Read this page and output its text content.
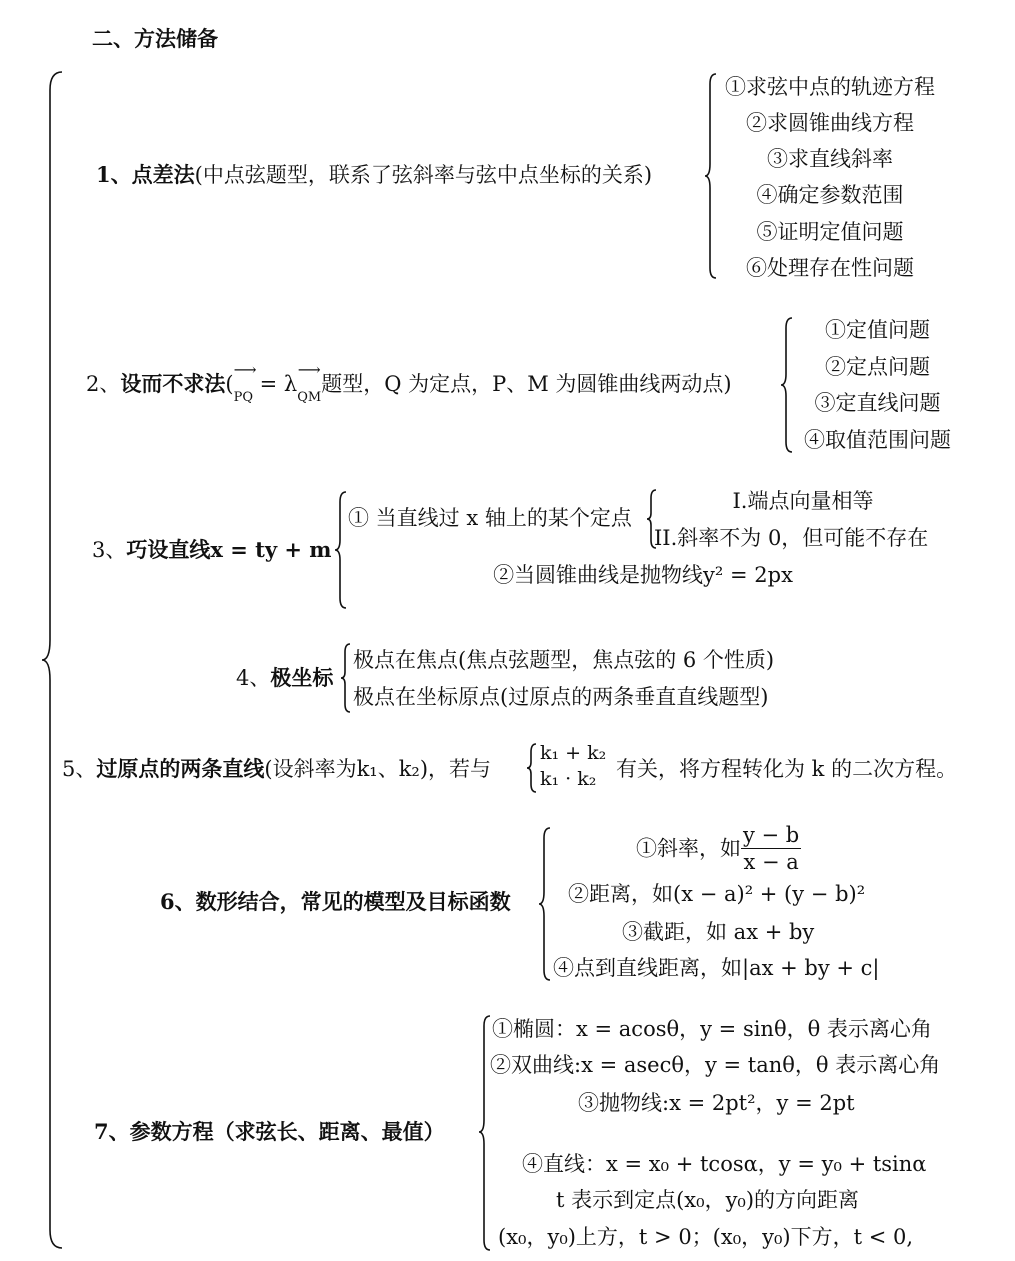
二、方法储备
1、点差法(中点弦题型，联系了弦斜率与弦中点坐标的关系)
①求弦中点的轨迹方程
②求圆锥曲线方程
③求直线斜率
④确定参数范围
⑤证明定值问题
⑥处理存在性问题
2、设而不求法(
⟶
$_{PQ}$ = λ
⟶
$_{QM}$题型，Q 为定点，P、M 为圆锥曲线两动点)
①定值问题
②定点问题
③定直线问题
④取值范围问题
3、巧设直线x = ty + m
① 当直线过 x 轴上的某个定点
I.端点向量相等
II.斜率不为 0，但可能不存在
②当圆锥曲线是抛物线y² = 2px
4、极坐标
极点在焦点(焦点弦题型，焦点弦的 6 个性质)
极点在坐标原点(过原点的两条垂直直线题型)
5、过原点的两条直线(设斜率为k₁、k₂)，若与
k₁ + k₂
k₁ · k₂ 有关，将方程转化为 k 的二次方程。
6、数形结合，常见的模型及目标函数
①斜率，如 $\frac{y - b}{x - a}$
②距离，如(x − a)² + (y − b)²
③截距，如 ax + by
④点到直线距离，如|ax + by + c|
7、参数方程（求弦长、距离、最值）
①椭圆：x = acosθ，y = sinθ，θ 表示离心角
②双曲线:x = asecθ，y = tanθ，θ 表示离心角
③抛物线:x = 2pt²，y = 2pt
④直线：x = x₀ + tcosα，y = y₀ + tsinα
t 表示到定点(x₀，y₀)的方向距离
(x₀，y₀)上方，t > 0；(x₀，y₀)下方，t < 0,
